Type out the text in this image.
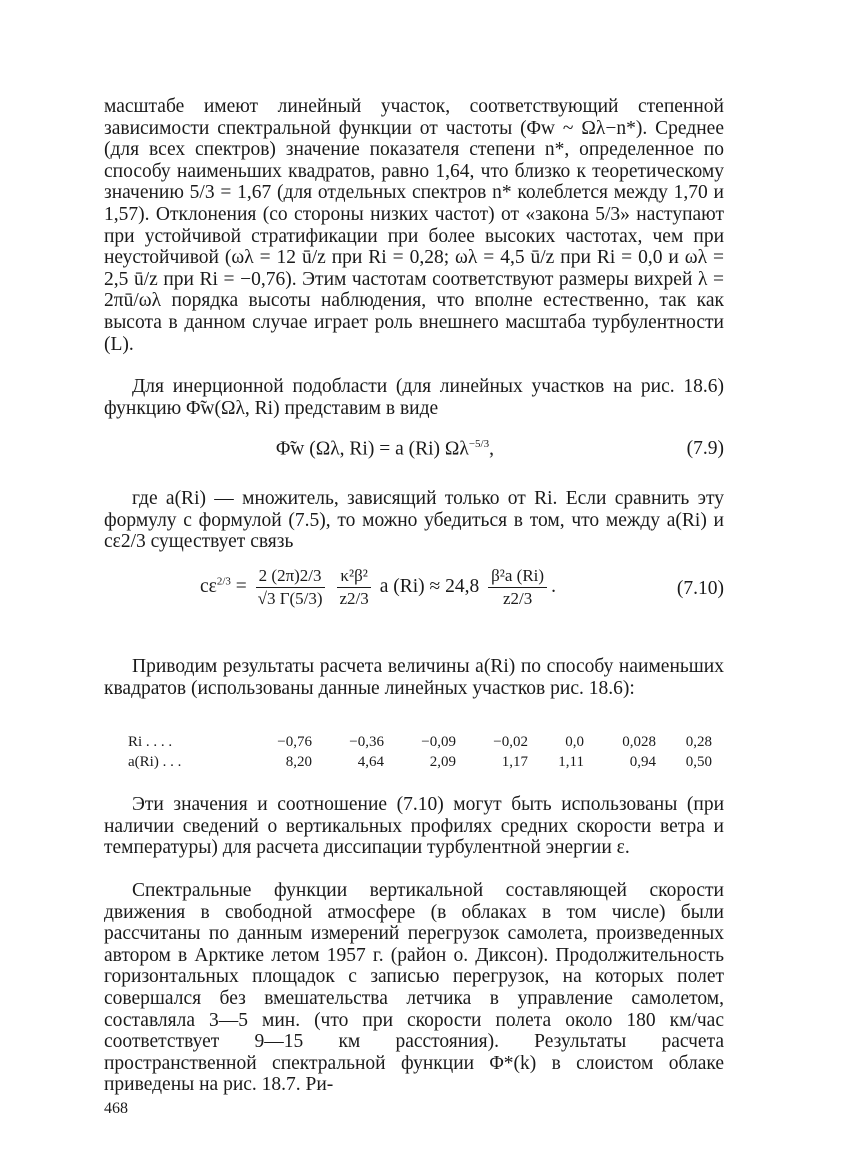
масштабе имеют линейный участок, соответствующий степенной зависимости спектральной функции от частоты (Φw ~ Ωλ−n*). Среднее (для всех спектров) значение показателя степени n*, определенное по способу наименьших квадратов, равно 1,64, что близко к теоретическому значению 5/3 = 1,67 (для отдельных спектров n* колеблется между 1,70 и 1,57). Отклонения (со стороны низких частот) от «закона 5/3» наступают при устойчивой стратификации при более высоких частотах, чем при неустойчивой (ωλ = 12 ū/z при Ri = 0,28; ωλ = 4,5 ū/z при Ri = 0,0 и ωλ = 2,5 ū/z при Ri = −0,76). Этим частотам соответствуют размеры вихрей λ = 2πū/ωλ порядка высоты наблюдения, что вполне естественно, так как высота в данном случае играет роль внешнего масштаба турбулентности (L).

Для инерционной подобласти (для линейных участков на рис. 18.6) функцию Φ̃w(Ωλ, Ri) представим в виде

Φ̃w (Ωλ, Ri) = a (Ri) $\Omega\lambda^{-5/3}$,	(7.9)

где a(Ri) — множитель, зависящий только от Ri. Если сравнить эту формулу с формулой (7.5), то можно убедиться в том, что между a(Ri) и cε2/3 существует связь

$c\varepsilon^{2/3} = \frac{2 (2\pi)2/3}{√3 \Gamma(5/3)}$
$\frac{\text{κ²β²}}{z2/3}$ a $(Ri) \approx 24,8 \frac{\text{β²a (Ri)}}{z2/3}$ .	(7.10)

Приводим результаты расчета величины a(Ri) по способу наименьших квадратов (использованы данные линейных участков рис. 18.6):

Ri . . . .	−0,76	−0,36	−0,09	−0,02	0,0	0,028	0,28
a(Ri) . . .	8,20	4,64	2,09	1,17	1,11	0,94	0,50

Эти значения и соотношение (7.10) могут быть использованы (при наличии сведений о вертикальных профилях средних скорости ветра и температуры) для расчета диссипации турбулентной энергии ε.

Спектральные функции вертикальной составляющей скорости движения в свободной атмосфере (в облаках в том числе) были рассчитаны по данным измерений перегрузок самолета, произведенных автором в Арктике летом 1957 г. (район о. Диксон). Продолжительность горизонтальных площадок с записью перегрузок, на которых полет совершался без вмешательства летчика в управление самолетом, составляла 3—5 мин. (что при скорости полета около 180 км/час соответствует 9—15 км расстояния). Результаты расчета пространственной спектральной функции Φ*(k) в слоистом облаке приведены на рис. 18.7. Ри-

468
